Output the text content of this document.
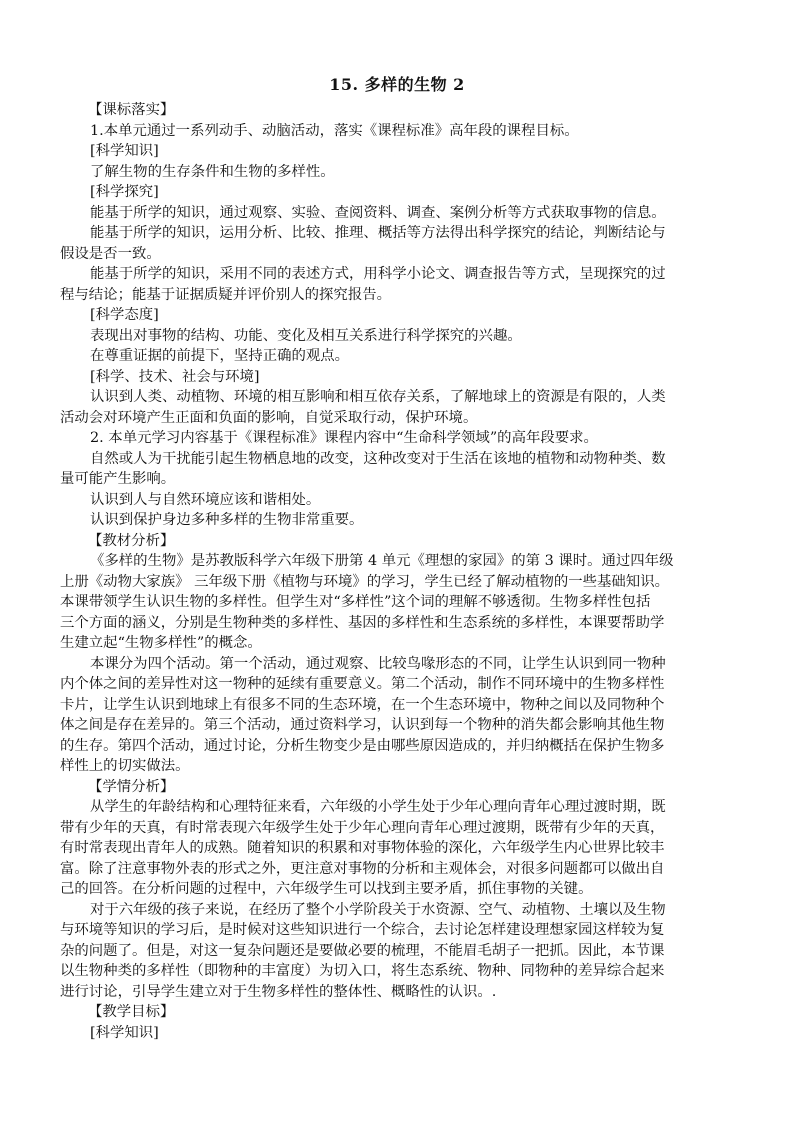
15. 多样的生物 2
【课标落实】
1.本单元通过一系列动手、动脑活动，落实《课程标准》高年段的课程目标。
[科学知识]
了解生物的生存条件和生物的多样性。
[科学探究]
能基于所学的知识，通过观察、实验、查阅资料、调查、案例分析等方式获取事物的信息。
能基于所学的知识，运用分析、比较、推理、概括等方法得出科学探究的结论，判断结论与
假设是否一致。
能基于所学的知识，采用不同的表述方式，用科学小论文、调查报告等方式，呈现探究的过
程与结论；能基于证据质疑并评价别人的探究报告。
[科学态度]
表现出对事物的结构、功能、变化及相互关系进行科学探究的兴趣。
在尊重证据的前提下，坚持正确的观点。
[科学、技术、社会与环境]
认识到人类、动植物、环境的相互影响和相互依存关系，了解地球上的资源是有限的，人类
活动会对环境产生正面和负面的影响，自觉采取行动，保护环境。
2. 本单元学习内容基于《课程标准》课程内容中“生命科学领域”的高年段要求。
自然或人为干扰能引起生物栖息地的改变，这种改变对于生活在该地的植物和动物种类、数
量可能产生影响。
认识到人与自然环境应该和谐相处。
认识到保护身边多种多样的生物非常重要。
【教材分析】
《多样的生物》是苏教版科学六年级下册第 4 单元《理想的家园》的第 3 课时。通过四年级
上册《动物大家族》 三年级下册《植物与环境》的学习，学生已经了解动植物的一些基础知识。
本课带领学生认识生物的多样性。但学生对“多样性”这个词的理解不够透彻。生物多样性包括
三个方面的涵义，分别是生物种类的多样性、基因的多样性和生态系统的多样性，本课要帮助学
生建立起“生物多样性”的概念。
本课分为四个活动。第一个活动，通过观察、比较鸟喙形态的不同，让学生认识到同一物种
内个体之间的差异性对这一物种的延续有重要意义。第二个活动，制作不同环境中的生物多样性
卡片，让学生认识到地球上有很多不同的生态环境，在一个生态环境中，物种之间以及同物种个
体之间是存在差异的。第三个活动，通过资料学习，认识到每一个物种的消失都会影响其他生物
的生存。第四个活动，通过讨论，分析生物变少是由哪些原因造成的，并归纳概括在保护生物多
样性上的切实做法。
【学情分析】
从学生的年龄结构和心理特征来看，六年级的小学生处于少年心理向青年心理过渡时期，既
带有少年的天真，有时常表现六年级学生处于少年心理向青年心理过渡期，既带有少年的天真，
有时常表现出青年人的成熟。随着知识的积累和对事物体验的深化，六年级学生内心世界比较丰
富。除了注意事物外表的形式之外，更注意对事物的分析和主观体会，对很多问题都可以做出自
己的回答。在分析问题的过程中，六年级学生可以找到主要矛盾，抓住事物的关键。
对于六年级的孩子来说，在经历了整个小学阶段关于水资源、空气、动植物、土壤以及生物
与环境等知识的学习后，是时候对这些知识进行一个综合，去讨论怎样建设理想家园这样较为复
杂的问题了。但是，对这一复杂问题还是要做必要的梳理，不能眉毛胡子一把抓。因此，本节课
以生物种类的多样性（即物种的丰富度）为切入口，将生态系统、物种、同物种的差异综合起来
进行讨论，引导学生建立对于生物多样性的整体性、概略性的认识。.
【教学目标】
[科学知识]
